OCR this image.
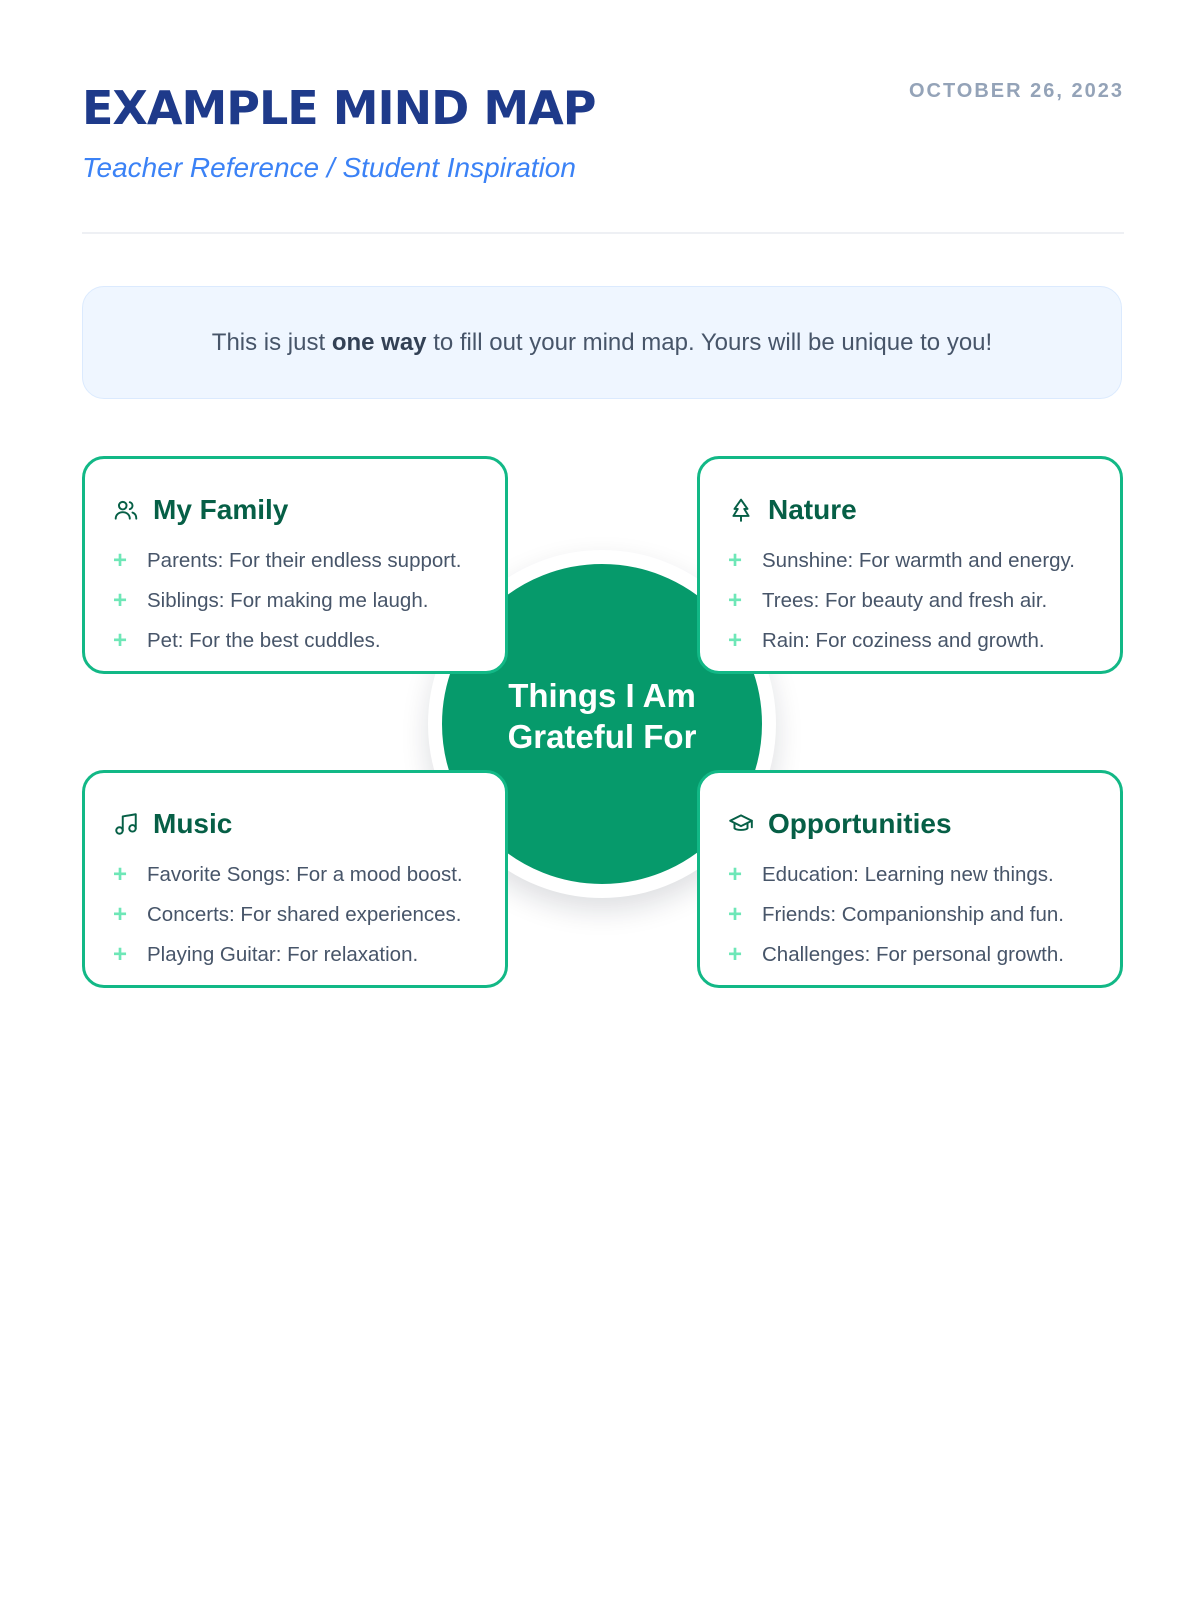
EXAMPLE MIND MAP

Teacher Reference / Student Inspiration

OCTOBER 26, 2023
This is just one way to fill out your mind map. Yours will be unique to you!
Things I Am Grateful For
My Family
+ Parents: For their endless support.
+ Siblings: For making me laugh.
+ Pet: For the best cuddles.
Nature
+ Sunshine: For warmth and energy.
+ Trees: For beauty and fresh air.
+ Rain: For coziness and growth.
Music
+ Favorite Songs: For a mood boost.
+ Concerts: For shared experiences.
+ Playing Guitar: For relaxation.
Opportunities
+ Education: Learning new things.
+ Friends: Companionship and fun.
+ Challenges: For personal growth.
